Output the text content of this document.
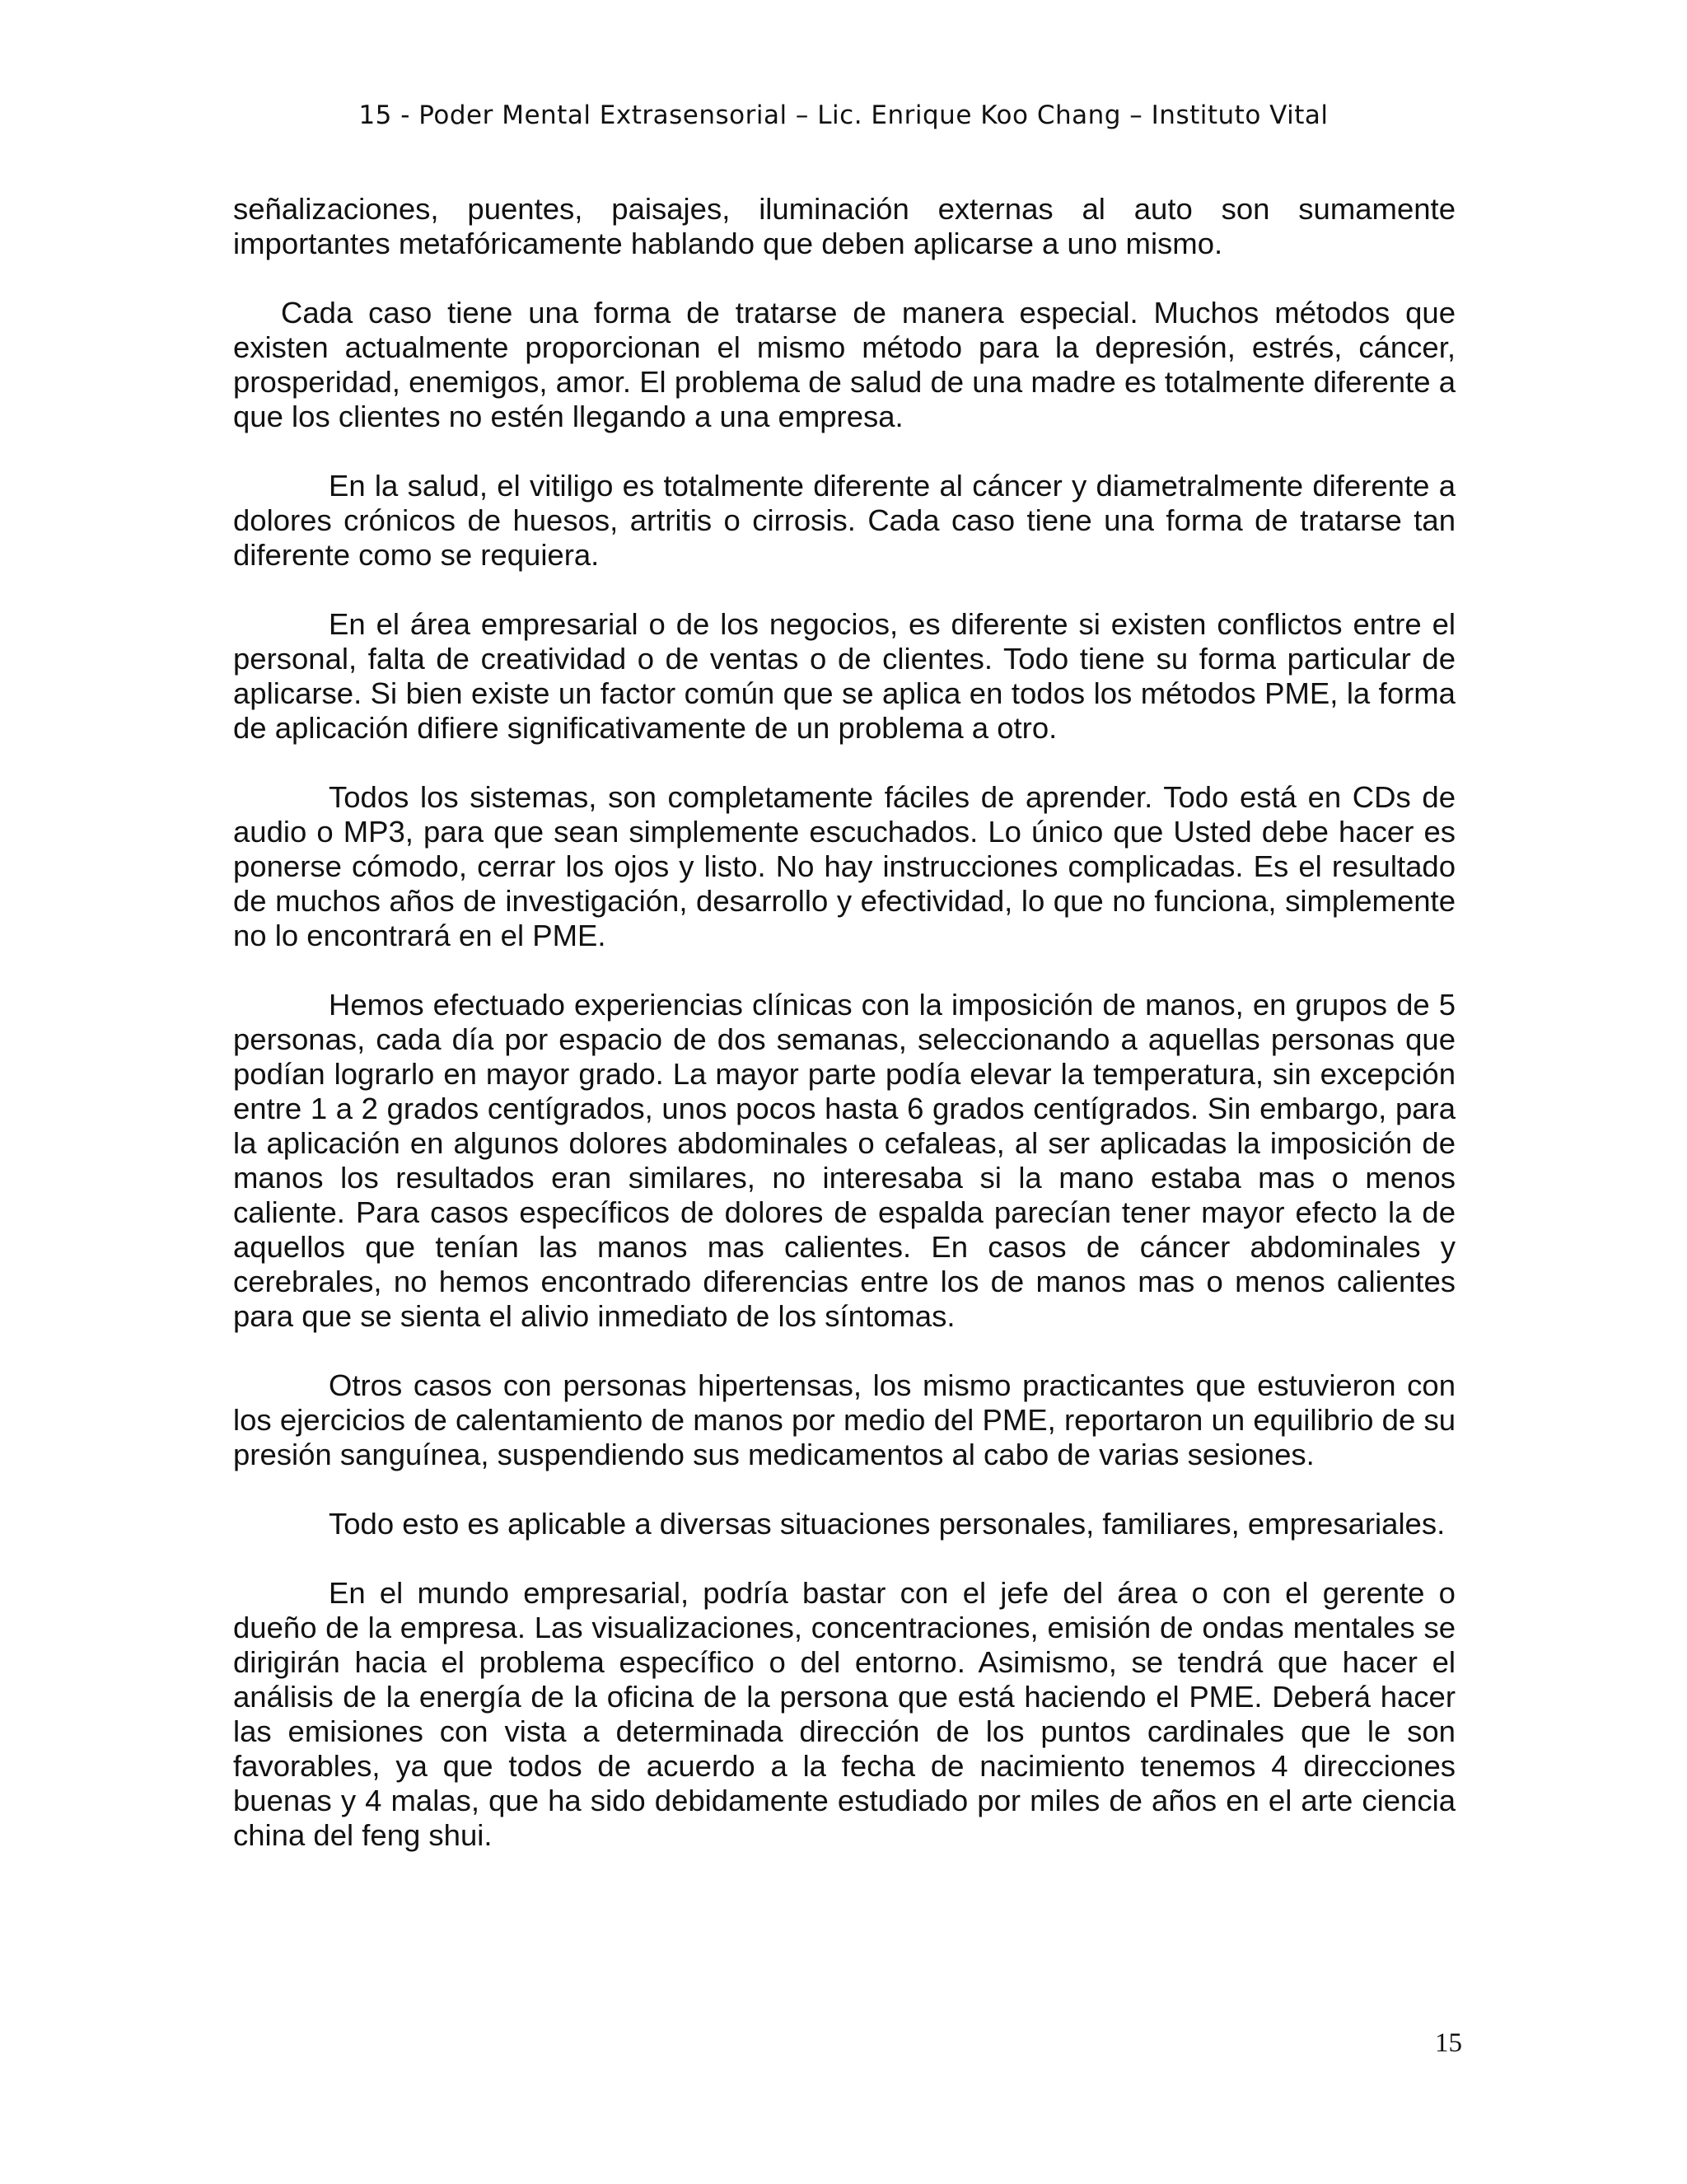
15 - Poder Mental Extrasensorial – Lic. Enrique Koo Chang – Instituto Vital

señalizaciones, puentes, paisajes, iluminación externas al auto son sumamente importantes metafóricamente hablando que deben aplicarse a uno mismo.

Cada caso tiene una forma de tratarse de manera especial. Muchos métodos que existen actualmente proporcionan el mismo método para la depresión, estrés, cáncer, prosperidad, enemigos, amor. El problema de salud de una madre es totalmente diferente a que los clientes no estén llegando a una empresa.

En la salud, el vitiligo es totalmente diferente al cáncer y diametralmente diferente a dolores crónicos de huesos, artritis o cirrosis. Cada caso tiene una forma de tratarse tan diferente como se requiera.

En el área empresarial o de los negocios, es diferente si existen conflictos entre el personal, falta de creatividad o de ventas o de clientes. Todo tiene su forma particular de aplicarse. Si bien existe un factor común que se aplica en todos los métodos PME, la forma de aplicación difiere significativamente de un problema a otro.

Todos los sistemas, son completamente fáciles de aprender. Todo está en CDs de audio o MP3, para que sean simplemente escuchados. Lo único que Usted debe hacer es ponerse cómodo, cerrar los ojos y listo. No hay instrucciones complicadas. Es el resultado de muchos años de investigación, desarrollo y efectividad, lo que no funciona, simplemente no lo encontrará en el PME.

Hemos efectuado experiencias clínicas con la imposición de manos, en grupos de 5 personas, cada día por espacio de dos semanas, seleccionando a aquellas personas que podían lograrlo en mayor grado. La mayor parte podía elevar la temperatura, sin excepción entre 1 a 2 grados centígrados, unos pocos hasta 6 grados centígrados. Sin embargo, para la aplicación en algunos dolores abdominales o cefaleas, al ser aplicadas la imposición de manos los resultados eran similares, no interesaba si la mano estaba mas o menos caliente. Para casos específicos de dolores de espalda parecían tener mayor efecto la de aquellos que tenían las manos mas calientes. En casos de cáncer abdominales y cerebrales, no hemos encontrado diferencias entre los de manos mas o menos calientes para que se sienta el alivio inmediato de los síntomas.

Otros casos con personas hipertensas, los mismo practicantes que estuvieron con los ejercicios de calentamiento de manos por medio del PME, reportaron un equilibrio de su presión sanguínea, suspendiendo sus medicamentos al cabo de varias sesiones.

Todo esto es aplicable a diversas situaciones personales, familiares, empresariales.

En el mundo empresarial, podría bastar con el jefe del área o con el gerente o dueño de la empresa. Las visualizaciones, concentraciones, emisión de ondas mentales se dirigirán hacia el problema específico o del entorno. Asimismo, se tendrá que hacer el análisis de la energía de la oficina de la persona que está haciendo el PME. Deberá hacer las emisiones con vista a determinada dirección de los puntos cardinales que le son favorables, ya que todos de acuerdo a la fecha de nacimiento tenemos 4 direcciones buenas y 4 malas, que ha sido debidamente estudiado por miles de años en el arte ciencia china del feng shui.

15
